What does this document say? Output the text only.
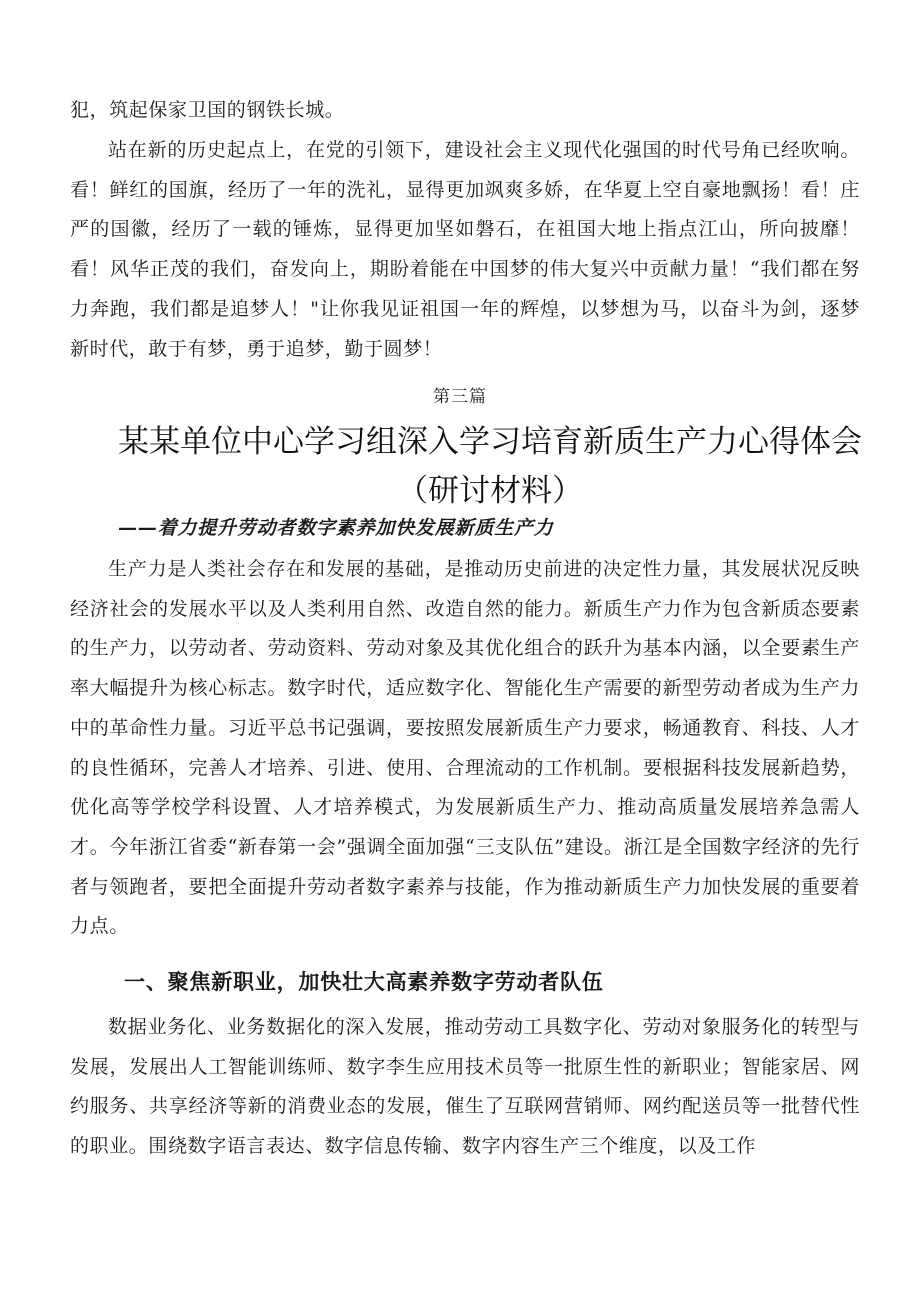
犯，筑起保家卫国的钢铁长城。

站在新的历史起点上，在党的引领下，建设社会主义现代化强国的时代号角已经吹响。看！鲜红的国旗，经历了一年的洗礼，显得更加飒爽多娇，在华夏上空自豪地飘扬！看！庄严的国徽，经历了一载的锤炼，显得更加坚如磐石，在祖国大地上指点江山，所向披靡！看！风华正茂的我们，奋发向上，期盼着能在中国梦的伟大复兴中贡献力量！“我们都在努力奔跑，我们都是追梦人！"让你我见证祖国一年的辉煌，以梦想为马，以奋斗为剑，逐梦新时代，敢于有梦，勇于追梦，勤于圆梦！

第三篇

某某单位中心学习组深入学习培育新质生产力心得体会（研讨材料）

——着力提升劳动者数字素养加快发展新质生产力

生产力是人类社会存在和发展的基础，是推动历史前进的决定性力量，其发展状况反映经济社会的发展水平以及人类利用自然、改造自然的能力。新质生产力作为包含新质态要素的生产力，以劳动者、劳动资料、劳动对象及其优化组合的跃升为基本内涵，以全要素生产率大幅提升为核心标志。数字时代，适应数字化、智能化生产需要的新型劳动者成为生产力中的革命性力量。习近平总书记强调，要按照发展新质生产力要求，畅通教育、科技、人才的良性循环，完善人才培养、引进、使用、合理流动的工作机制。要根据科技发展新趋势，优化高等学校学科设置、人才培养模式，为发展新质生产力、推动高质量发展培养急需人才。今年浙江省委“新春第一会”强调全面加强“三支队伍”建设。浙江是全国数字经济的先行者与领跑者，要把全面提升劳动者数字素养与技能，作为推动新质生产力加快发展的重要着力点。

一、聚焦新职业，加快壮大高素养数字劳动者队伍

数据业务化、业务数据化的深入发展，推动劳动工具数字化、劳动对象服务化的转型与发展，发展出人工智能训练师、数字李生应用技术员等一批原生性的新职业；智能家居、网约服务、共享经济等新的消费业态的发展，催生了互联网营销师、网约配送员等一批替代性的职业。围绕数字语言表达、数字信息传输、数字内容生产三个维度，以及工作
